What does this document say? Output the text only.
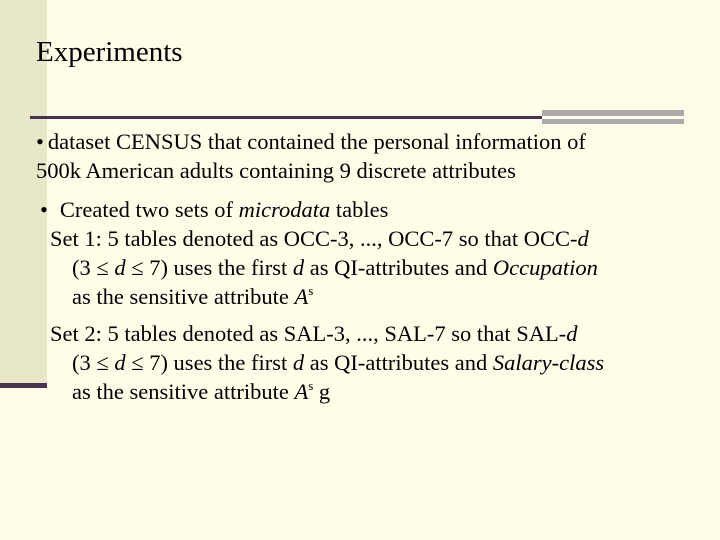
Experiments

• dataset CENSUS that contained the personal information of
500k American adults containing 9 discrete attributes

• Created two sets of microdata tables

Set 1: 5 tables denoted as OCC-3, ..., OCC-7 so that OCC-d
(3 ≤ d ≤ 7) uses the first d as QI-attributes and Occupation
as the sensitive attribute $A^s$

Set 2: 5 tables denoted as SAL-3, ..., SAL-7 so that SAL-d
(3 ≤ d ≤ 7) uses the first d as QI-attributes and Salary-class
as the sensitive attribute $A^s$ g
